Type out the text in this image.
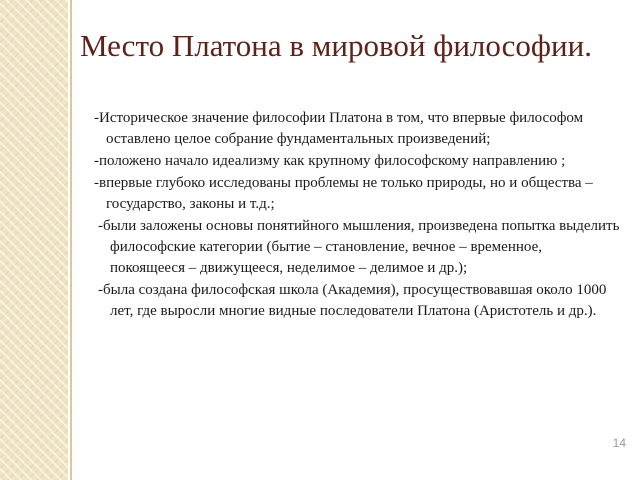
Место Платона в мировой философии.
-Историческое значение философии Платона в том, что впервые философом оставлено целое собрание фундаментальных произведений;
-положено начало идеализму как крупному философскому направлению ;
-впервые глубоко исследованы проблемы не только природы, но и общества – государство, законы и т.д.;
-были заложены основы понятийного мышления, произведена попытка выделить философские категории (бытие – становление, вечное – временное, покоящееся – движущееся, неделимое – делимое и др.);
-была создана философская школа (Академия), просуществовавшая около 1000 лет, где выросли многие видные последователи Платона (Аристотель и др.).
14
